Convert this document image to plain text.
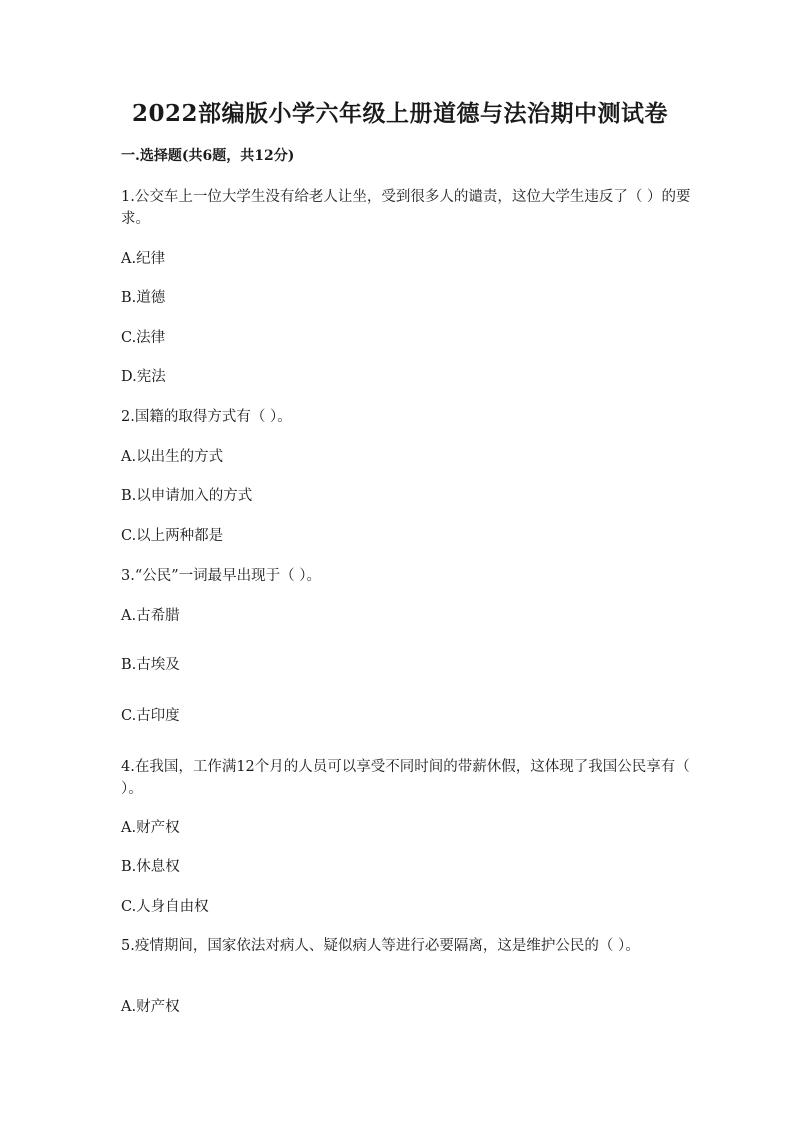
2022部编版小学六年级上册道德与法治期中测试卷
一.选择题(共6题，共12分)
1.公交车上一位大学生没有给老人让坐，受到很多人的谴责，这位大学生违反了（ ）的要求。
A.纪律
B.道德
C.法律
D.宪法
2.国籍的取得方式有（ ）。
A.以出生的方式
B.以申请加入的方式
C.以上两种都是
3.“公民”一词最早出现于（ ）。
A.古希腊
B.古埃及
C.古印度
4.在我国，工作满12个月的人员可以享受不同时间的带薪休假，这体现了我国公民享有（ ）。
A.财产权
B.休息权
C.人身自由权
5.疫情期间，国家依法对病人、疑似病人等进行必要隔离，这是维护公民的（ ）。
A.财产权
